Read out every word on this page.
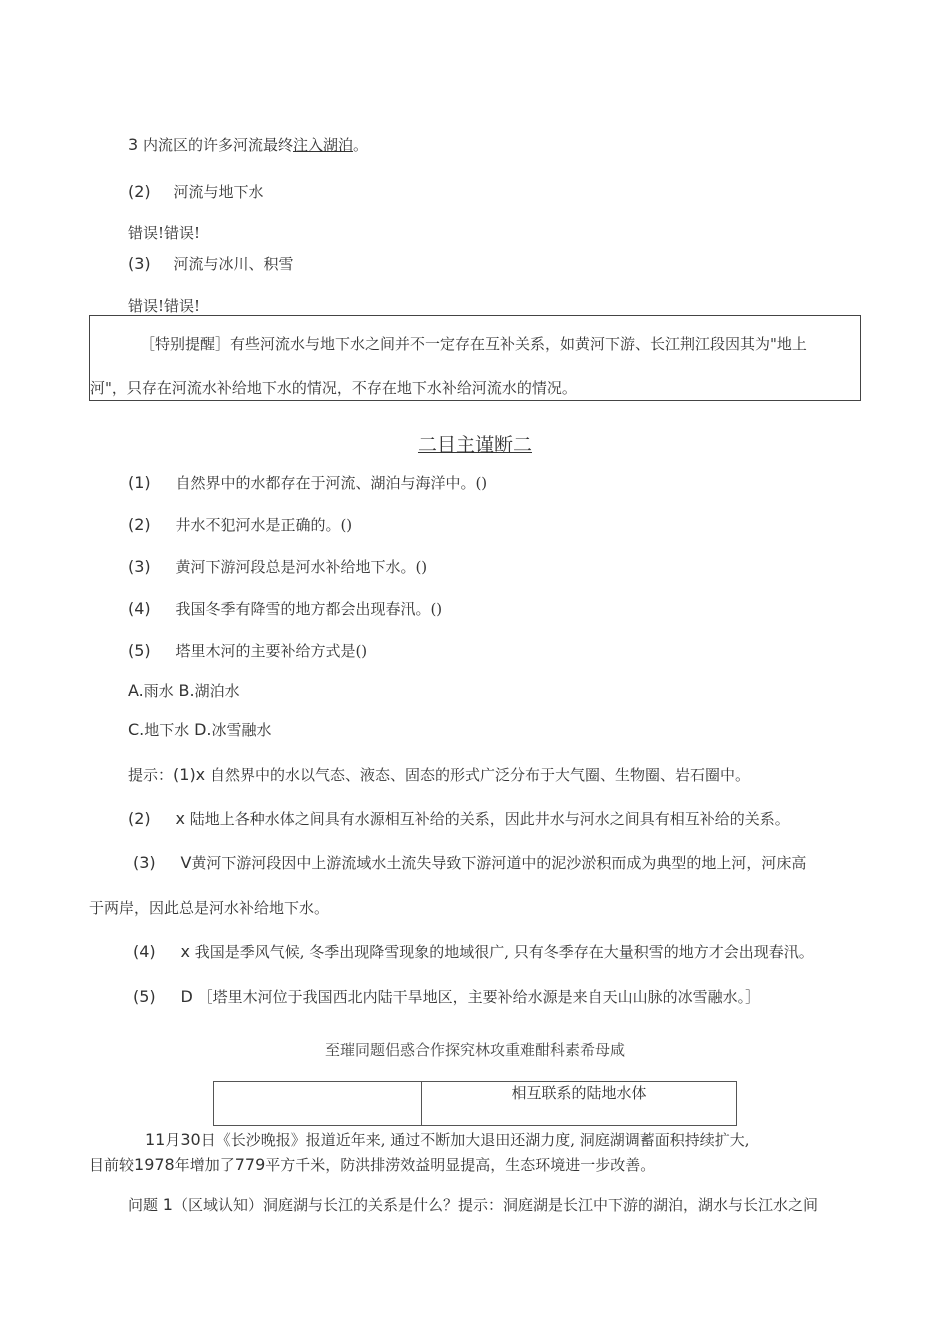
3 内流区的许多河流最终注入湖泊。
(2) 河流与地下水
错误!错误!
(3) 河流与冰川、积雪
错误!错误!
［特别提醒］有些河流水与地下水之间并不一定存在互补关系，如黄河下游、长江荆江段因其为"地上
河"，只存在河流水补给地下水的情况，不存在地下水补给河流水的情况。
二目主谨断二
(1) 自然界中的水都存在于河流、湖泊与海洋中。()
(2) 井水不犯河水是正确的。()
(3) 黄河下游河段总是河水补给地下水。()
(4) 我国冬季有降雪的地方都会出现春汛。()
(5) 塔里木河的主要补给方式是()
A.雨水 B.湖泊水
C.地下水 D.冰雪融水
提示：(1)x 自然界中的水以气态、液态、固态的形式广泛分布于大气圈、生物圈、岩石圈中。
(2) x 陆地上各种水体之间具有水源相互补给的关系，因此井水与河水之间具有相互补给的关系。
(3) V黄河下游河段因中上游流域水土流失导致下游河道中的泥沙淤积而成为典型的地上河，河床高
于两岸，因此总是河水补给地下水。
(4) x 我国是季风气候, 冬季出现降雪现象的地域很广, 只有冬季存在大量积雪的地方才会出现春汛。
(5) D ［塔里木河位于我国西北内陆干旱地区，主要补给水源是来自天山山脉的冰雪融水。］
至璀同题侣惑合作探究林攻重难酣科素希母咸
相互联系的陆地水体
11月30日《长沙晚报》报道近年来, 通过不断加大退田还湖力度, 洞庭湖调蓄面积持续扩大,
目前较1978年增加了779平方千米，防洪排涝效益明显提高，生态环境进一步改善。
问题 1（区域认知）洞庭湖与长江的关系是什么？提示：洞庭湖是长江中下游的湖泊，湖水与长江水之间
